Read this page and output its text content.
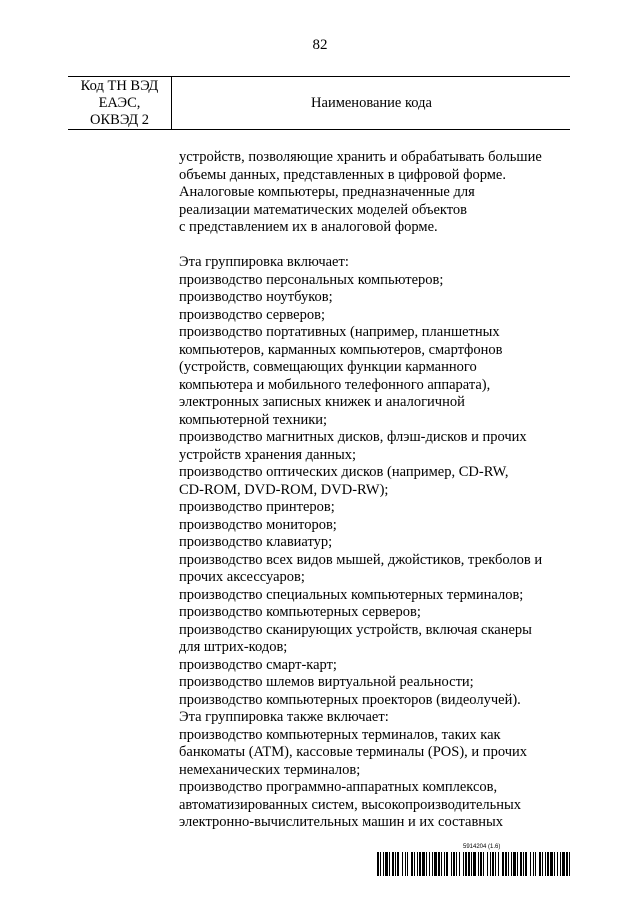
82
Код ТН ВЭД
ЕАЭС,
ОКВЭД 2
Наименование кода
устройств, позволяющие хранить и обрабатывать большие
объемы данных, представленных в цифровой форме.
Аналоговые компьютеры, предназначенные для
реализации математических моделей объектов
с представлением их в аналоговой форме.
Эта группировка включает:
производство персональных компьютеров;
производство ноутбуков;
производство серверов;
производство портативных (например, планшетных
компьютеров, карманных компьютеров, смартфонов
(устройств, совмещающих функции карманного
компьютера и мобильного телефонного аппарата),
электронных записных книжек и аналогичной
компьютерной техники;
производство магнитных дисков, флэш-дисков и прочих
устройств хранения данных;
производство оптических дисков (например, CD-RW,
CD-ROM, DVD-ROM, DVD-RW);
производство принтеров;
производство мониторов;
производство клавиатур;
производство всех видов мышей, джойстиков, трекболов и
прочих аксессуаров;
производство специальных компьютерных терминалов;
производство компьютерных серверов;
производство сканирующих устройств, включая сканеры
для штрих-кодов;
производство смарт-карт;
производство шлемов виртуальной реальности;
производство компьютерных проекторов (видеолучей).
Эта группировка также включает:
производство компьютерных терминалов, таких как
банкоматы (ATM), кассовые терминалы (POS), и прочих
немеханических терминалов;
производство программно-аппаратных комплексов,
автоматизированных систем, высокопроизводительных
электронно-вычислительных машин и их составных
5914204 (1.6)
